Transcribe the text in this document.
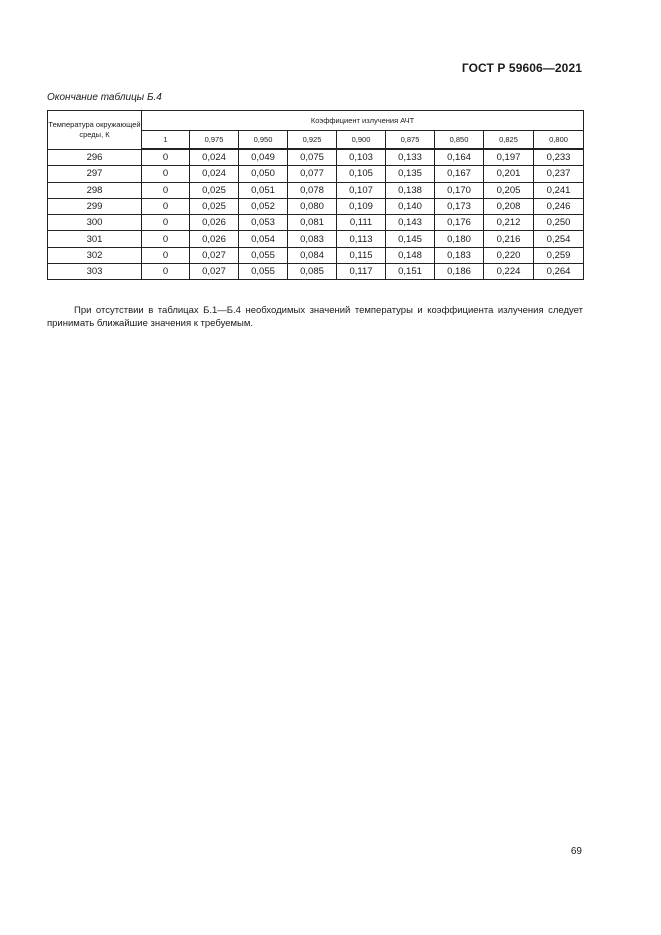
ГОСТ Р 59606—2021
Окончание таблицы Б.4
Температура окружающей среды, К	Коэффициент излучения АЧТ								
	1	0,975	0,950	0,925	0,900	0,875	0,850	0,825	0,800
296	0	0,024	0,049	0,075	0,103	0,133	0,164	0,197	0,233
297	0	0,024	0,050	0,077	0,105	0,135	0,167	0,201	0,237
298	0	0,025	0,051	0,078	0,107	0,138	0,170	0,205	0,241
299	0	0,025	0,052	0,080	0,109	0,140	0,173	0,208	0,246
300	0	0,026	0,053	0,081	0,111	0,143	0,176	0,212	0,250
301	0	0,026	0,054	0,083	0,113	0,145	0,180	0,216	0,254
302	0	0,027	0,055	0,084	0,115	0,148	0,183	0,220	0,259
303	0	0,027	0,055	0,085	0,117	0,151	0,186	0,224	0,264

При отсутствии в таблицах Б.1—Б.4 необходимых значений температуры и коэффициента излучения следует принимать ближайшие значения к требуемым.

69
